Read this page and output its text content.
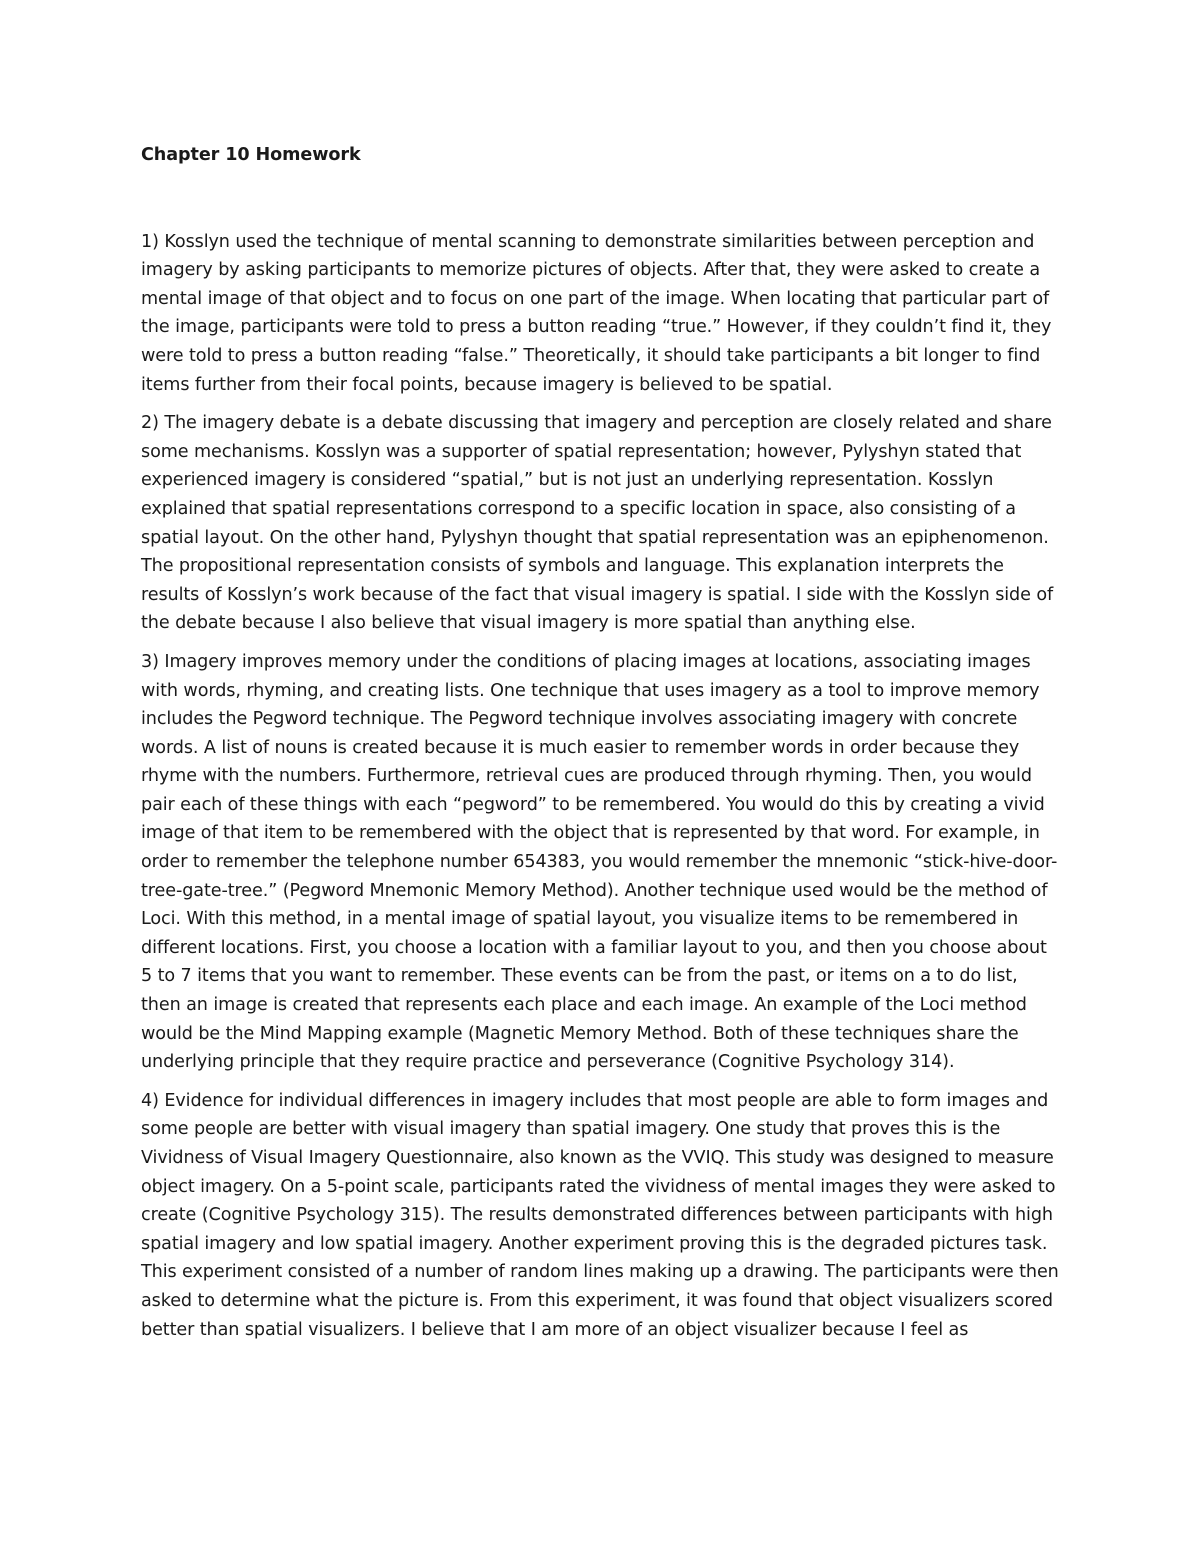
Chapter 10 Homework

1) Kosslyn used the technique of mental scanning to demonstrate similarities between perception and imagery by asking participants to memorize pictures of objects. After that, they were asked to create a mental image of that object and to focus on one part of the image. When locating that particular part of the image, participants were told to press a button reading “true.” However, if they couldn’t find it, they were told to press a button reading “false.” Theoretically, it should take participants a bit longer to find items further from their focal points, because imagery is believed to be spatial.

2) The imagery debate is a debate discussing that imagery and perception are closely related and share some mechanisms. Kosslyn was a supporter of spatial representation; however, Pylyshyn stated that experienced imagery is considered “spatial,” but is not just an underlying representation. Kosslyn explained that spatial representations correspond to a specific location in space, also consisting of a spatial layout. On the other hand, Pylyshyn thought that spatial representation was an epiphenomenon. The propositional representation consists of symbols and language. This explanation interprets the results of Kosslyn’s work because of the fact that visual imagery is spatial. I side with the Kosslyn side of the debate because I also believe that visual imagery is more spatial than anything else.

3) Imagery improves memory under the conditions of placing images at locations, associating images with words, rhyming, and creating lists. One technique that uses imagery as a tool to improve memory includes the Pegword technique. The Pegword technique involves associating imagery with concrete words. A list of nouns is created because it is much easier to remember words in order because they rhyme with the numbers. Furthermore, retrieval cues are produced through rhyming. Then, you would pair each of these things with each “pegword” to be remembered. You would do this by creating a vivid image of that item to be remembered with the object that is represented by that word. For example, in order to remember the telephone number 654383, you would remember the mnemonic “stick-hive-door-tree-gate-tree.” (Pegword Mnemonic Memory Method). Another technique used would be the method of Loci. With this method, in a mental image of spatial layout, you visualize items to be remembered in different locations. First, you choose a location with a familiar layout to you, and then you choose about 5 to 7 items that you want to remember. These events can be from the past, or items on a to do list, then an image is created that represents each place and each image. An example of the Loci method would be the Mind Mapping example (Magnetic Memory Method. Both of these techniques share the underlying principle that they require practice and perseverance (Cognitive Psychology 314).

4) Evidence for individual differences in imagery includes that most people are able to form images and some people are better with visual imagery than spatial imagery. One study that proves this is the Vividness of Visual Imagery Questionnaire, also known as the VVIQ. This study was designed to measure object imagery. On a 5-point scale, participants rated the vividness of mental images they were asked to create (Cognitive Psychology 315). The results demonstrated differences between participants with high spatial imagery and low spatial imagery. Another experiment proving this is the degraded pictures task. This experiment consisted of a number of random lines making up a drawing. The participants were then asked to determine what the picture is. From this experiment, it was found that object visualizers scored better than spatial visualizers. I believe that I am more of an object visualizer because I feel as
